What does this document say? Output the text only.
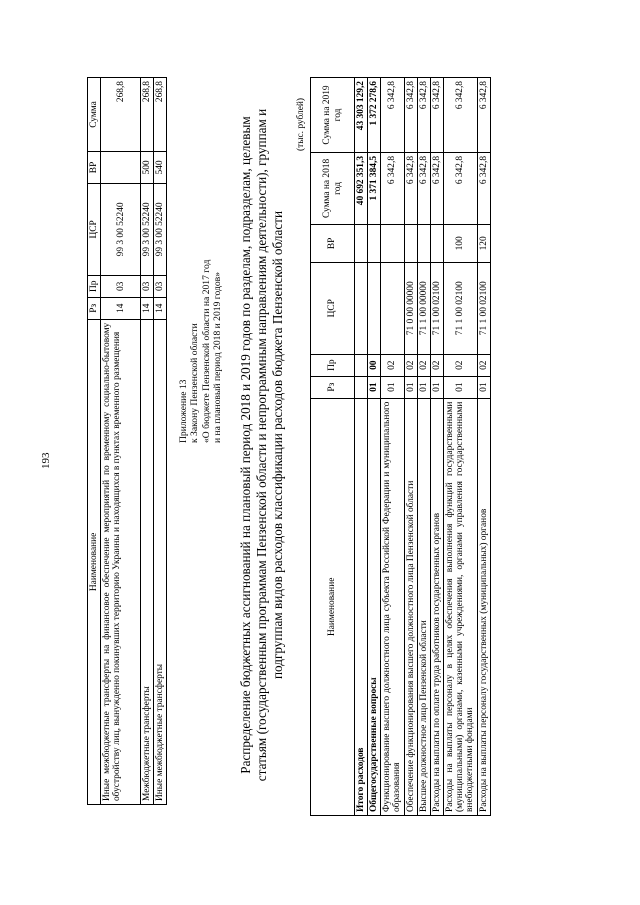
193
Наименование	Рз	Пр	ЦСР	ВР	Сумма
Иные межбюджетные трансферты на финансовое обеспечение мероприятий по временному социально-бытовому обустройству лиц, вынужденно покинувших территорию Украины и находящихся в пунктах временного размещения	14	03	99 3 00 52240		268,8
Межбюджетные трансферты	14	03	99 3 00 52240	500	268,8
Иные межбюджетные трансферты	14	03	99 3 00 52240	540	268,8
Приложение 13 к Закону Пензенской области «О бюджете Пензенской области на 2017 год и на плановый период 2018 и 2019 годов» Распределение бюджетных ассигнований на плановый период 2018 и 2019 годов по разделам, подразделам, целевым статьям (государственным программам Пензенской области и непрограммным направлениям деятельности), группам и подгруппам видов расходов классификации расходов бюджета Пензенской области
(тыс. рублей)
Наименование	Рз	Пр	ЦСР	ВР	Сумма на 2018 год	Сумма на 2019 год
Итого расходов					40 692 351,3	43 303 129,2
Общегосударственные вопросы	01	00			1 371 384,5	1 372 278,6
Функционирование высшего должностного лица субъекта Российской Федерации и муниципального образования	01	02			6 342,8	6 342,8
Обеспечение функционирования высшего должностного лица Пензенской области	01	02	71 0 00 00000		6 342,8	6 342,8
Высшее должностное лицо Пензенской области	01	02	71 1 00 00000		6 342,8	6 342,8
Расходы на выплаты по оплате труда работников государственных органов	01	02	71 1 00 02100		6 342,8	6 342,8
Расходы на выплаты персоналу в целях обеспечения выполнения функций государственными (муниципальными) органами, казенными учреждениями, органами управления государственными внебюджетными фондами	01	02	71 1 00 02100	100	6 342,8	6 342,8
Расходы на выплаты персоналу государственных (муниципальных) органов	01	02	71 1 00 02100	120	6 342,8	6 342,8
